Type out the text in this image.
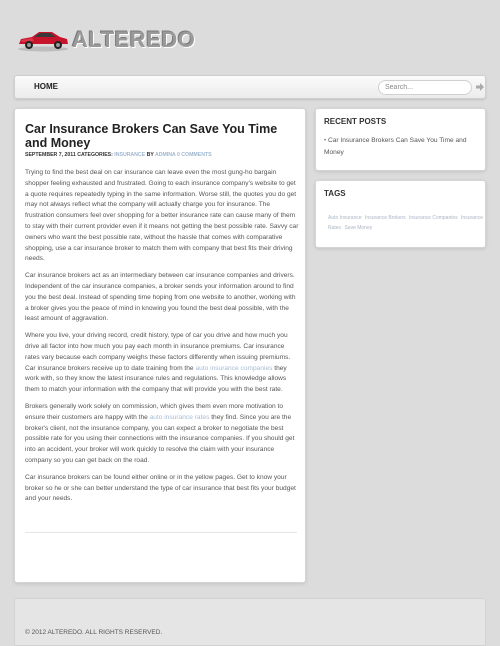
ALTEREDO
HOME
Search...
Car Insurance Brokers Can Save You Time and Money
SEPTEMBER 7, 2011 CATEGORIES: INSURANCE BY ADMINA 0 COMMENTS

Trying to find the best deal on car insurance can leave even the most gung-ho bargain shopper feeling exhausted and frustrated. Going to each insurance company's website to get a quote requires repeatedly typing in the same information. Worse still, the quotes you do get may not always reflect what the company will actually charge you for insurance. The frustration consumers feel over shopping for a better insurance rate can cause many of them to stay with their current provider even if it means not getting the best possible rate. Savvy car owners who want the best possible rate, without the hassle that comes with comparative shopping, use a car insurance broker to match them with company that best fits their driving needs.

Car insurance brokers act as an intermediary between car insurance companies and drivers. Independent of the car insurance companies, a broker sends your information around to find you the best deal. Instead of spending time hoping from one website to another, working with a broker gives you the peace of mind in knowing you found the best deal possible, with the least amount of aggravation.

Where you live, your driving record, credit history, type of car you drive and how much you drive all factor into how much you pay each month in insurance premiums. Car insurance rates vary because each company weighs these factors differently when issuing premiums. Car insurance brokers receive up to date training from the auto insurance companies they work with, so they know the latest insurance rules and regulations. This knowledge allows them to match your information with the company that will provide you with the best rate.

Brokers generally work solely on commission, which gives them even more motivation to ensure their customers are happy with the auto insurance rates they find. Since you are the broker's client, not the insurance company, you can expect a broker to negotiate the best possible rate for you using their connections with the insurance companies. If you should get into an accident, your broker will work quickly to resolve the claim with your insurance company so you can get back on the road.

Car insurance brokers can be found either online or in the yellow pages. Get to know your broker so he or she can better understand the type of car insurance that best fits your budget and your needs.

RECENT POSTS
• Car Insurance Brokers Can Save You Time and Money
TAGS
Auto Insurance Insurance Brokers Insurance Companies Insurance Rates Save Money
© 2012 ALTEREDO. ALL RIGHTS RESERVED.
